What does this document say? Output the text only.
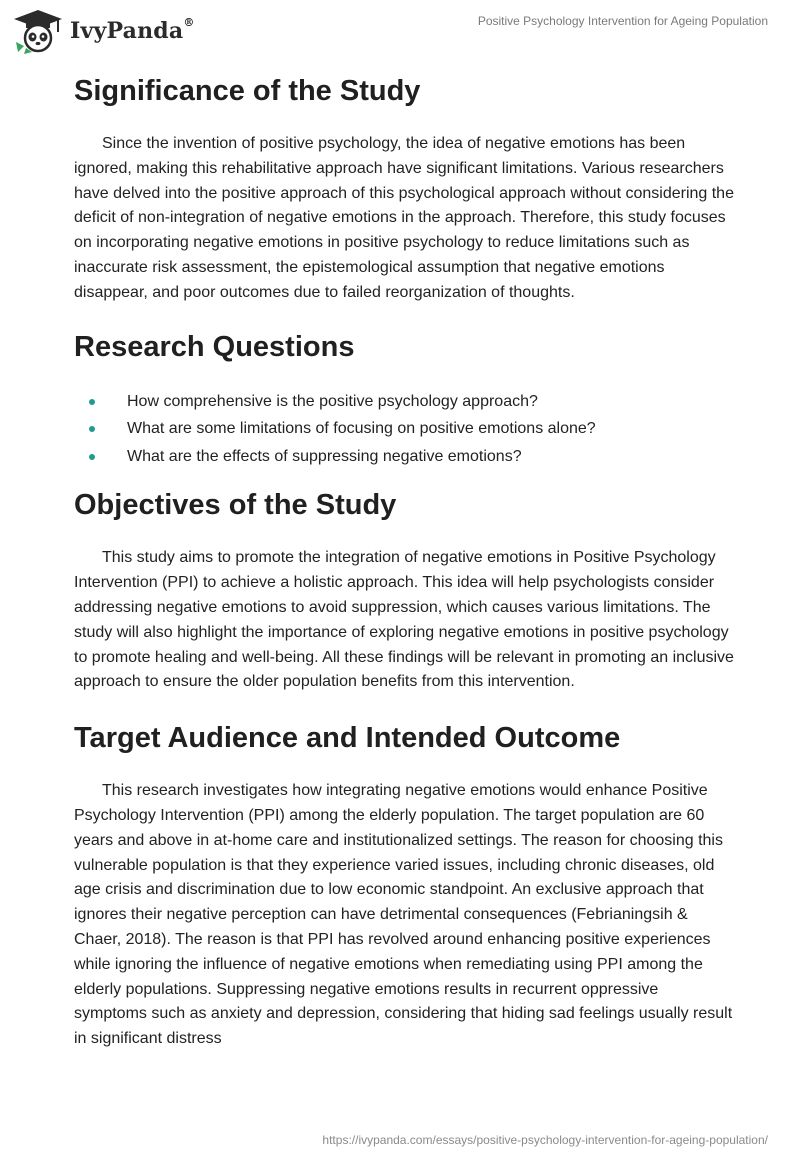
IvyPanda®	Positive Psychology Intervention for Ageing Population
Significance of the Study

Since the invention of positive psychology, the idea of negative emotions has been ignored, making this rehabilitative approach have significant limitations. Various researchers have delved into the positive approach of this psychological approach without considering the deficit of non-integration of negative emotions in the approach. Therefore, this study focuses on incorporating negative emotions in positive psychology to reduce limitations such as inaccurate risk assessment, the epistemological assumption that negative emotions disappear, and poor outcomes due to failed reorganization of thoughts.

Research Questions
How comprehensive is the positive psychology approach?
What are some limitations of focusing on positive emotions alone?
What are the effects of suppressing negative emotions?
Objectives of the Study

This study aims to promote the integration of negative emotions in Positive Psychology Intervention (PPI) to achieve a holistic approach. This idea will help psychologists consider addressing negative emotions to avoid suppression, which causes various limitations. The study will also highlight the importance of exploring negative emotions in positive psychology to promote healing and well-being. All these findings will be relevant in promoting an inclusive approach to ensure the older population benefits from this intervention.

Target Audience and Intended Outcome

This research investigates how integrating negative emotions would enhance Positive Psychology Intervention (PPI) among the elderly population. The target population are 60 years and above in at-home care and institutionalized settings. The reason for choosing this vulnerable population is that they experience varied issues, including chronic diseases, old age crisis and discrimination due to low economic standpoint. An exclusive approach that ignores their negative perception can have detrimental consequences (Febrianingsih & Chaer, 2018). The reason is that PPI has revolved around enhancing positive experiences while ignoring the influence of negative emotions when remediating using PPI among the elderly populations. Suppressing negative emotions results in recurrent oppressive symptoms such as anxiety and depression, considering that hiding sad feelings usually result in significant distress

https://ivypanda.com/essays/positive-psychology-intervention-for-ageing-population/
